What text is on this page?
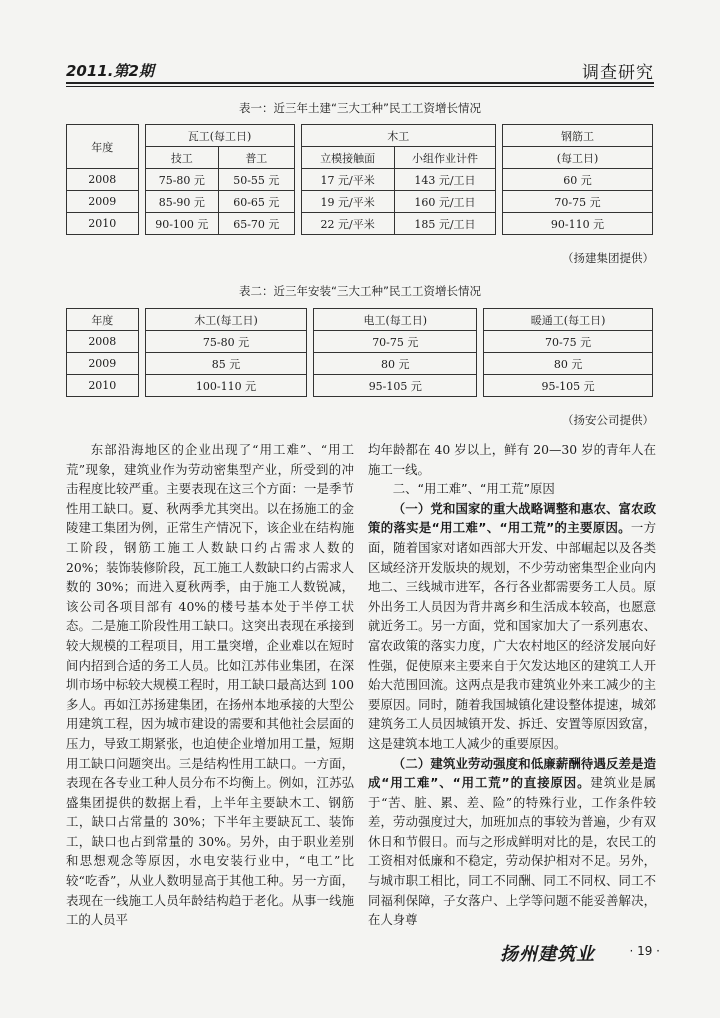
2011.第2期	调查研究
表一：近三年土建“三大工种”民工工资增长情况
年度		瓦工(每工日)			木工			钢筋工
		技工	普工		立模接触面	小组作业计件		(每工日)
2008		75-80 元	50-55 元		17 元/平米	143 元/工日		60 元
2009		85-90 元	60-65 元		19 元/平米	160 元/工日		70-75 元
2010		90-100 元	65-70 元		22 元/平米	185 元/工日		90-110 元
（扬建集团提供）
表二：近三年安装“三大工种”民工工资增长情况
年度		木工(每工日)		电工(每工日)		暖通工(每工日)
2008		75-80 元		70-75 元		70-75 元
2009		85 元		80 元		80 元
2010		100-110 元		95-105 元		95-105 元
（扬安公司提供）

东部沿海地区的企业出现了“用工难”、“用工荒”现象，建筑业作为劳动密集型产业，所受到的冲击程度比较严重。主要表现在这三个方面：一是季节性用工缺口。夏、秋两季尤其突出。以在扬施工的金陵建工集团为例，正常生产情况下，该企业在结构施工阶段，钢筋工施工人数缺口约占需求人数的 20%；装饰装修阶段，瓦工施工人数缺口约占需求人数的 30%；而进入夏秋两季，由于施工人数锐减，该公司各项目部有 40%的楼号基本处于半停工状态。二是施工阶段性用工缺口。这突出表现在承接到较大规模的工程项目，用工量突增，企业难以在短时间内招到合适的务工人员。比如江苏伟业集团，在深圳市场中标较大规模工程时，用工缺口最高达到 100 多人。再如江苏扬建集团，在扬州本地承接的大型公用建筑工程，因为城市建设的需要和其他社会层面的压力，导致工期紧张，也迫使企业增加用工量，短期用工缺口问题突出。三是结构性用工缺口。一方面，表现在各专业工种人员分布不均衡上。例如，江苏弘盛集团提供的数据上看，上半年主要缺木工、钢筋工，缺口占常量的 30%；下半年主要缺瓦工、装饰工，缺口也占到常量的 30%。另外，由于职业差别和思想观念等原因，水电安装行业中，“电工”比较“吃香”，从业人数明显高于其他工种。另一方面，表现在一线施工人员年龄结构趋于老化。从事一线施工的人员平

均年龄都在 40 岁以上，鲜有 20—30 岁的青年人在施工一线。

二、“用工难”、“用工荒”原因

（一）党和国家的重大战略调整和惠农、富农政策的落实是“用工难”、“用工荒”的主要原因。一方面，随着国家对诸如西部大开发、中部崛起以及各类区域经济开发版块的规划，不少劳动密集型企业向内地二、三线城市进军，各行各业都需要务工人员。原外出务工人员因为背井离乡和生活成本较高，也愿意就近务工。另一方面，党和国家加大了一系列惠农、富农政策的落实力度，广大农村地区的经济发展向好性强，促使原来主要来自于欠发达地区的建筑工人开始大范围回流。这两点是我市建筑业外来工减少的主要原因。同时，随着我国城镇化建设整体提速，城郊建筑务工人员因城镇开发、拆迁、安置等原因致富，这是建筑本地工人减少的重要原因。

（二）建筑业劳动强度和低廉薪酬待遇反差是造成“用工难”、“用工荒”的直接原因。建筑业是属于“苦、脏、累、差、险”的特殊行业，工作条件较差，劳动强度过大，加班加点的事较为普遍，少有双休日和节假日。而与之形成鲜明对比的是，农民工的工资相对低廉和不稳定，劳动保护相对不足。另外，与城市职工相比，同工不同酬、同工不同权、同工不同福利保障，子女落户、上学等问题不能妥善解决，在人身尊

扬州建筑业	· 19 ·
